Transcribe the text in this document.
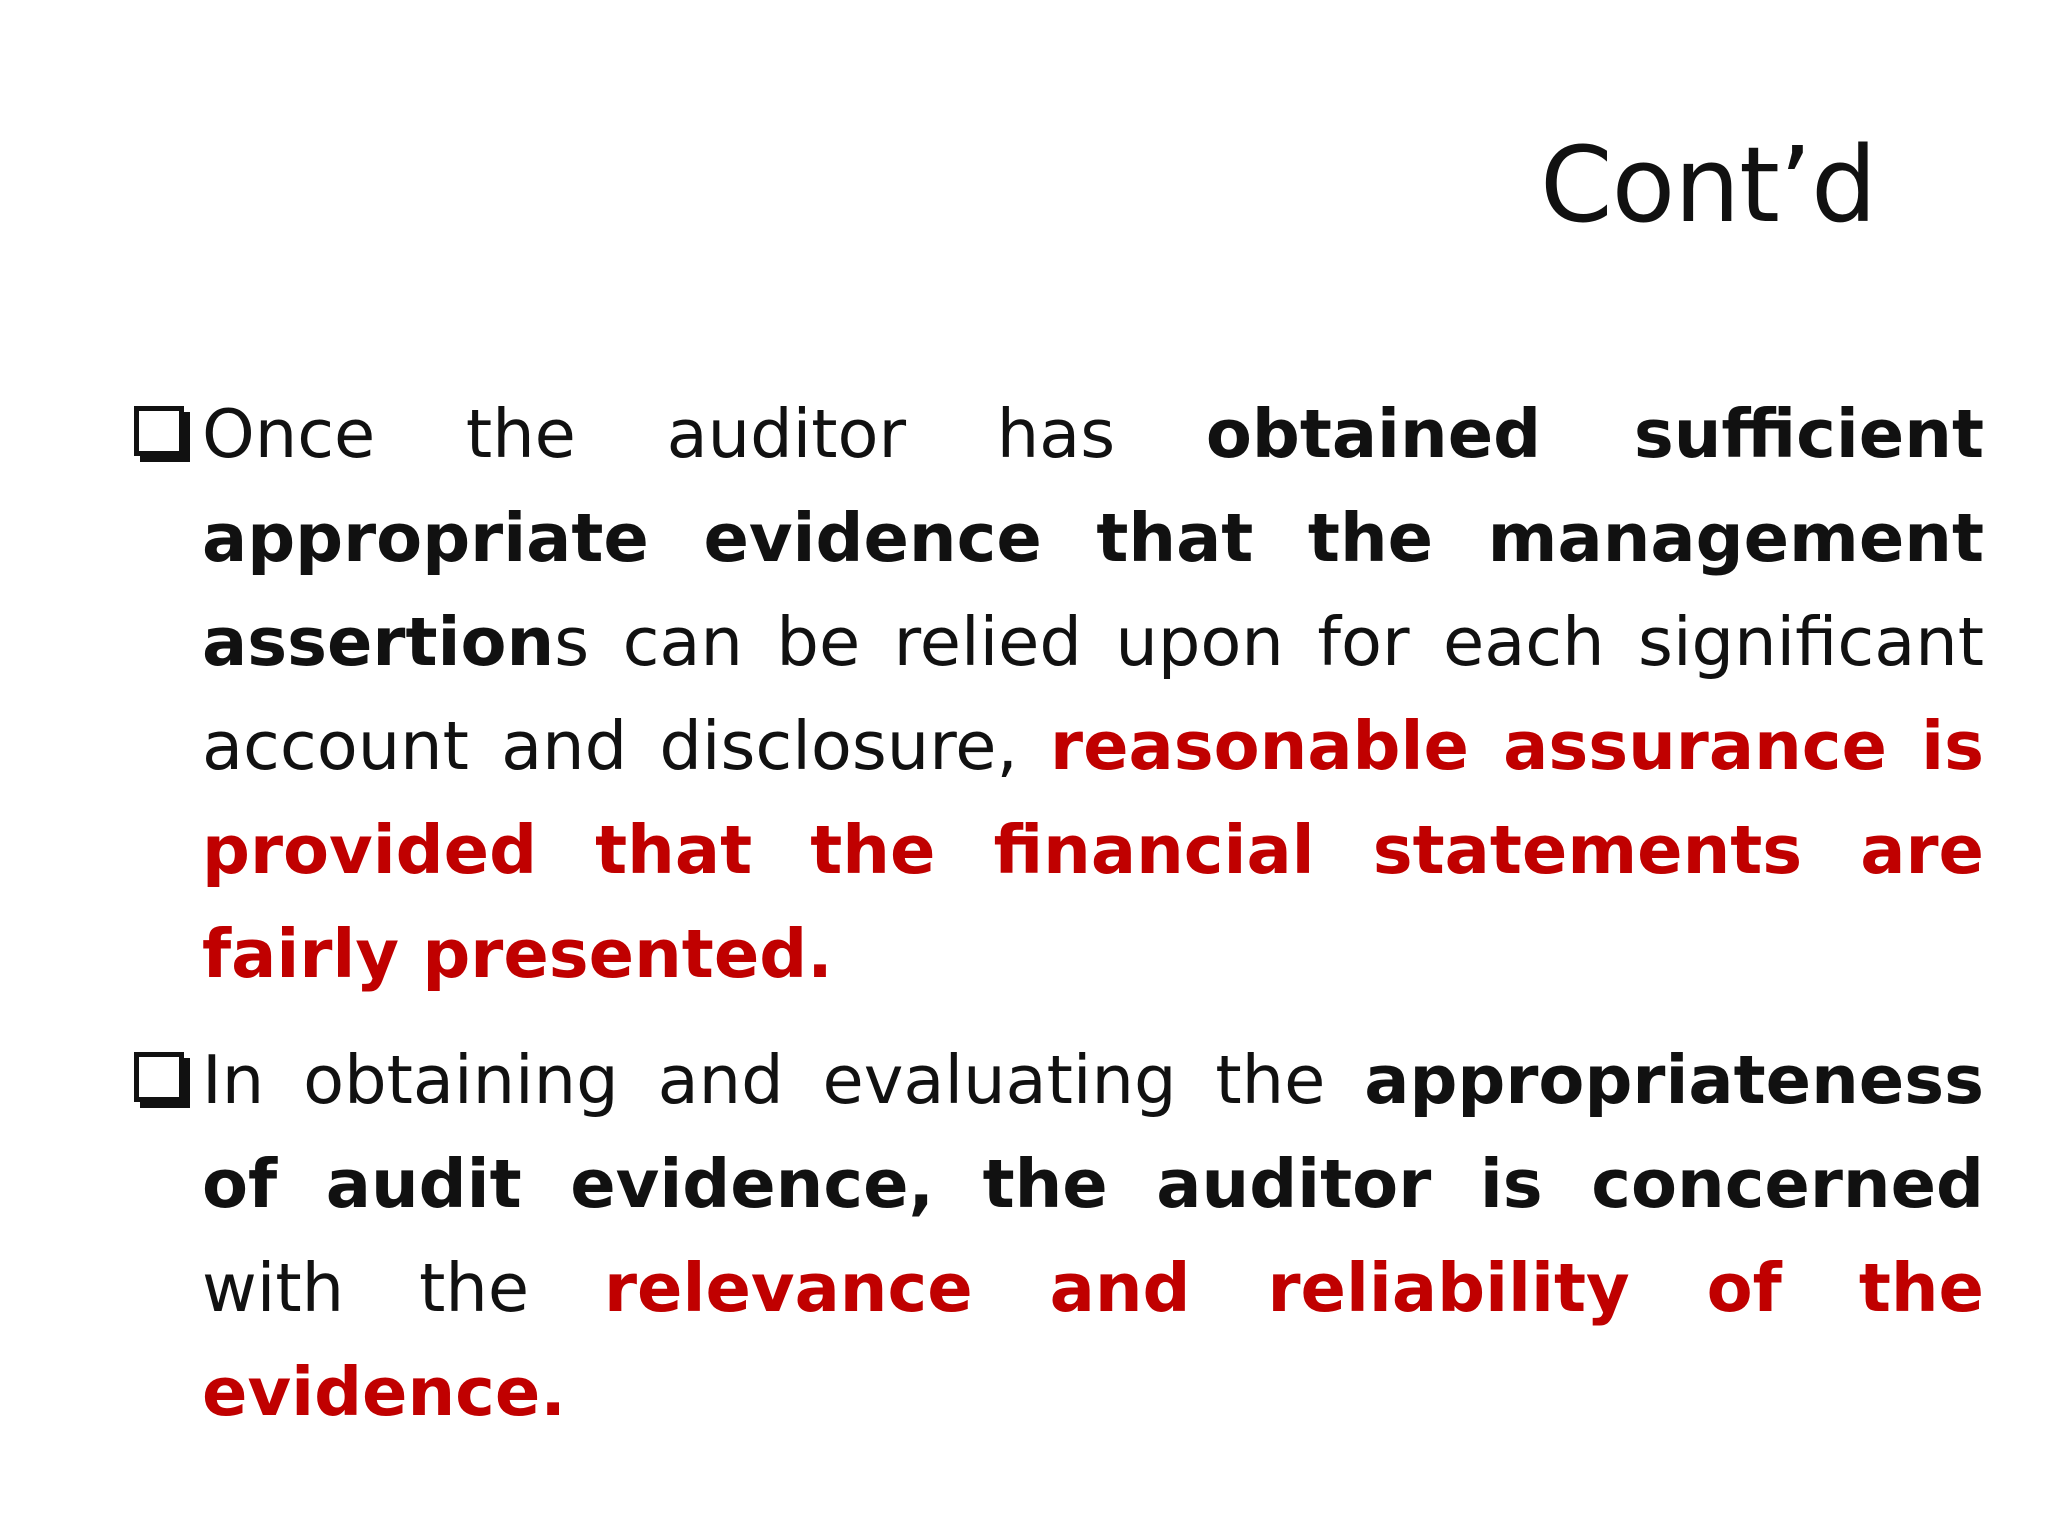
Cont’d
Once the auditor has obtained sufficient appropriate evidence that the management assertions can be relied upon for each significant account and disclosure, reasonable assurance is provided that the financial statements are fairly presented.
In obtaining and evaluating the appropriateness of audit evidence, the auditor is concerned with the relevance and reliability of the evidence.
